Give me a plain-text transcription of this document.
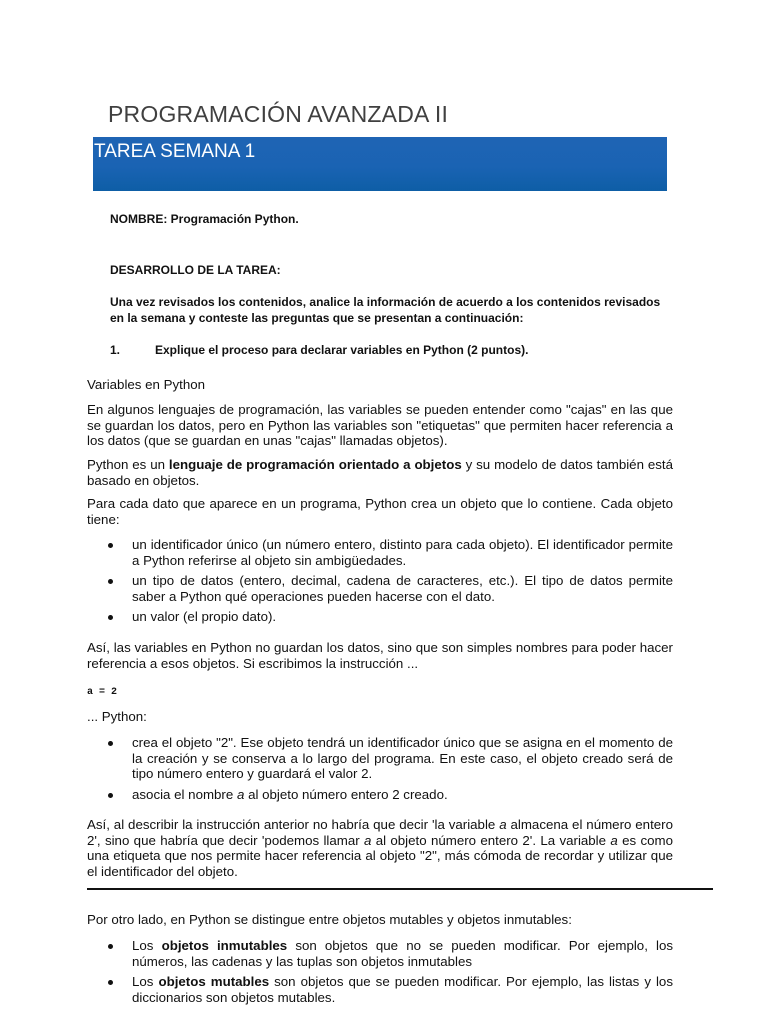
PROGRAMACIÓN AVANZADA II
TAREA SEMANA 1
NOMBRE: Programación Python.
DESARROLLO DE LA TAREA:
Una vez revisados los contenidos, analice la información de acuerdo a los contenidos revisados en la semana y conteste las preguntas que se presentan a continuación:
1.	Explique el proceso para declarar variables en Python (2 puntos).
Variables en Python
En algunos lenguajes de programación, las variables se pueden entender como "cajas" en las que se guardan los datos, pero en Python las variables son "etiquetas" que permiten hacer referencia a los datos (que se guardan en unas "cajas" llamadas objetos).
Python es un lenguaje de programación orientado a objetos y su modelo de datos también está basado en objetos.
Para cada dato que aparece en un programa, Python crea un objeto que lo contiene. Cada objeto tiene:
un identificador único (un número entero, distinto para cada objeto). El identificador permite a Python referirse al objeto sin ambigüedades.
un tipo de datos (entero, decimal, cadena de caracteres, etc.). El tipo de datos permite saber a Python qué operaciones pueden hacerse con el dato.
un valor (el propio dato).
Así, las variables en Python no guardan los datos, sino que son simples nombres para poder hacer referencia a esos objetos. Si escribimos la instrucción ...
a = 2
... Python:
crea el objeto "2". Ese objeto tendrá un identificador único que se asigna en el momento de la creación y se conserva a lo largo del programa. En este caso, el objeto creado será de tipo número entero y guardará el valor 2.
asocia el nombre a al objeto número entero 2 creado.
Así, al describir la instrucción anterior no habría que decir 'la variable a almacena el número entero 2', sino que habría que decir 'podemos llamar a al objeto número entero 2'. La variable a es como una etiqueta que nos permite hacer referencia al objeto "2", más cómoda de recordar y utilizar que el identificador del objeto.
Por otro lado, en Python se distingue entre objetos mutables y objetos inmutables:
Los objetos inmutables son objetos que no se pueden modificar. Por ejemplo, los números, las cadenas y las tuplas son objetos inmutables
Los objetos mutables son objetos que se pueden modificar. Por ejemplo, las listas y los diccionarios son objetos mutables.
